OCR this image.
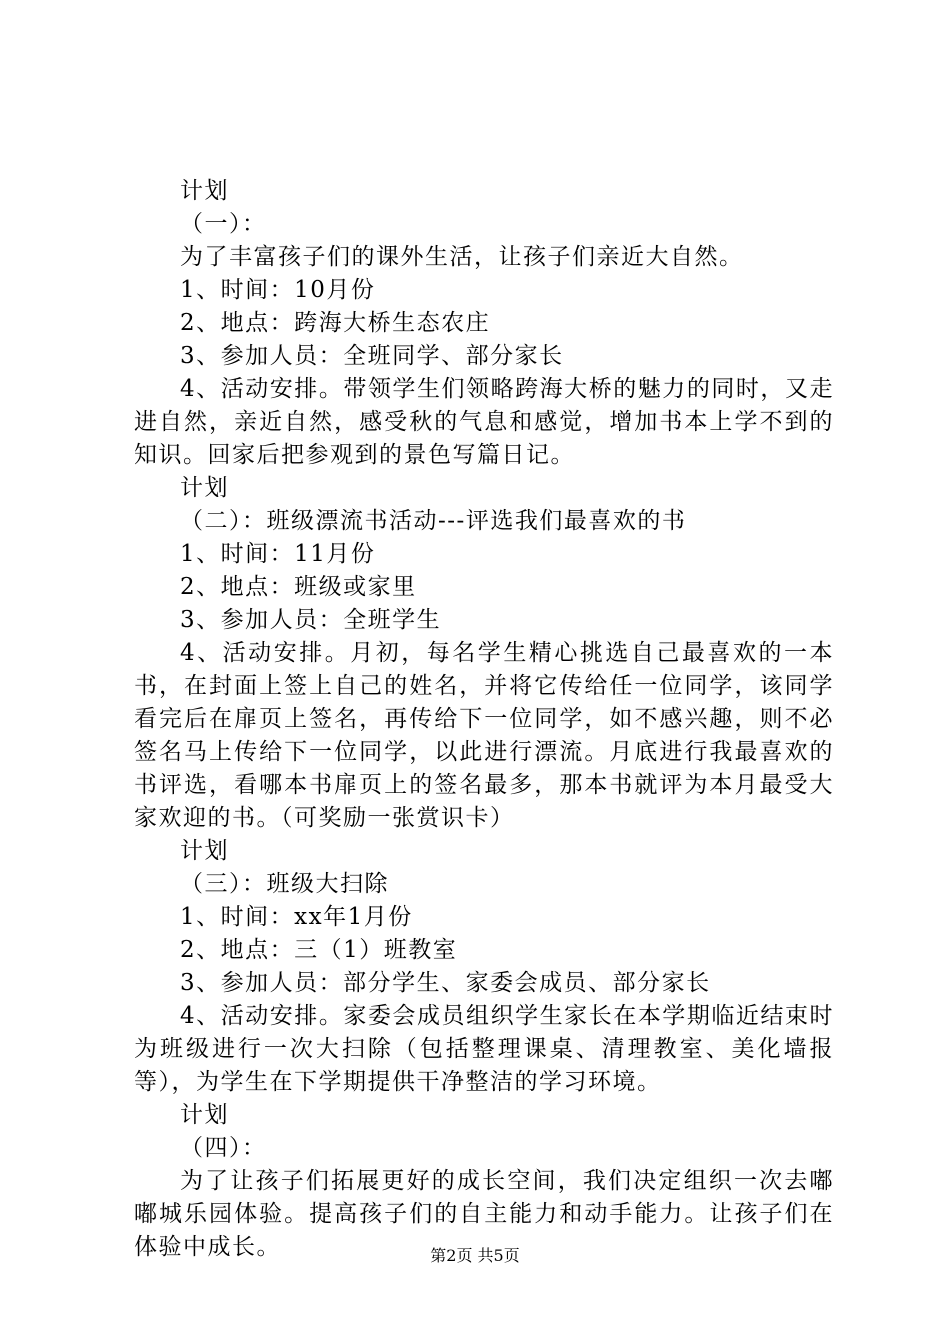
计划

（一）：

为了丰富孩子们的课外生活，让孩子们亲近大自然。

1、时间：10月份

2、地点：跨海大桥生态农庄

3、参加人员：全班同学、部分家长

4、活动安排。带领学生们领略跨海大桥的魅力的同时，又走进自然，亲近自然，感受秋的气息和感觉，增加书本上学不到的知识。回家后把参观到的景色写篇日记。

计划

（二）：班级漂流书活动---评选我们最喜欢的书

1、时间：11月份

2、地点：班级或家里

3、参加人员：全班学生

4、活动安排。月初，每名学生精心挑选自己最喜欢的一本书，在封面上签上自己的姓名，并将它传给任一位同学，该同学看完后在扉页上签名，再传给下一位同学，如不感兴趣，则不必签名马上传给下一位同学，以此进行漂流。月底进行我最喜欢的书评选，看哪本书扉页上的签名最多，那本书就评为本月最受大家欢迎的书。（可奖励一张赏识卡）

计划

（三）：班级大扫除

1、时间：xx年1月份

2、地点：三（1）班教室

3、参加人员：部分学生、家委会成员、部分家长

4、活动安排。家委会成员组织学生家长在本学期临近结束时为班级进行一次大扫除（包括整理课桌、清理教室、美化墙报等），为学生在下学期提供干净整洁的学习环境。

计划

（四）：

为了让孩子们拓展更好的成长空间，我们决定组织一次去嘟嘟城乐园体验。提高孩子们的自主能力和动手能力。让孩子们在体验中成长。	第2页 共5页
